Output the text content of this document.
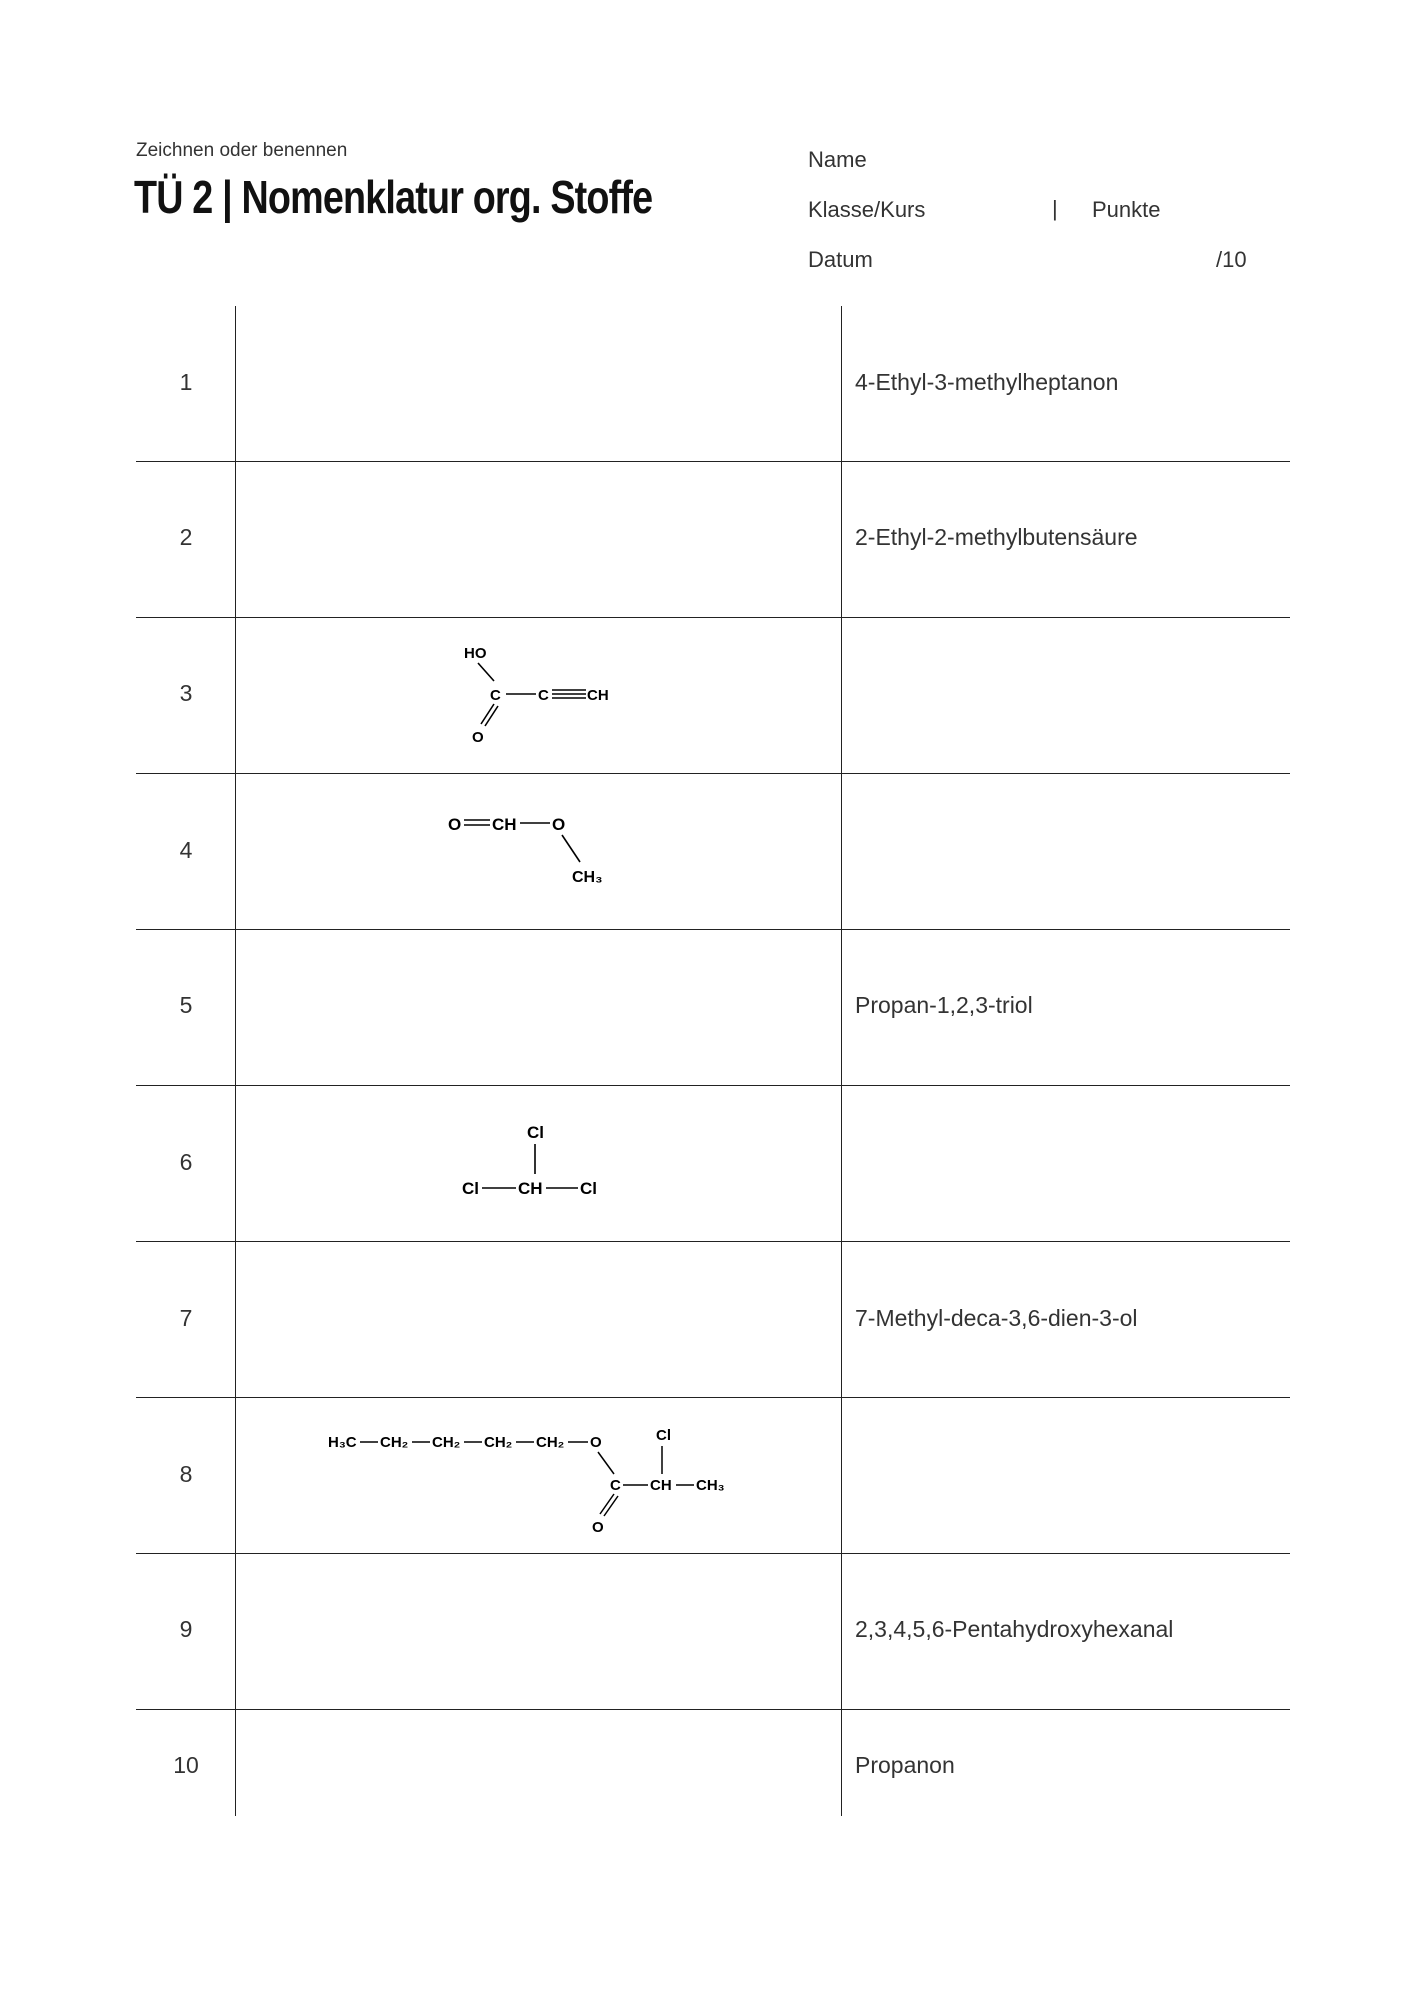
Zeichnen oder benennen
TÜ 2 | Nomenklatur org. Stoffe
Name
Klasse/Kurs	| Punkte
Datum	/10
1	4-Ethyl-3-methylheptanon
2	2-Ethyl-2-methylbutensäure
3
HO
C C	CH
O
4
O CH O
CH₃
5	Propan-1,2,3-triol
6
Cl
Cl CH Cl
7	7-Methyl-deca-3,6-dien-3-ol
8
H₃C CH₂ CH₂ CH₂ CH₂ O
C
O
CH
Cl
CH₃
9	2,3,4,5,6-Pentahydroxyhexanal
10	Propanon
